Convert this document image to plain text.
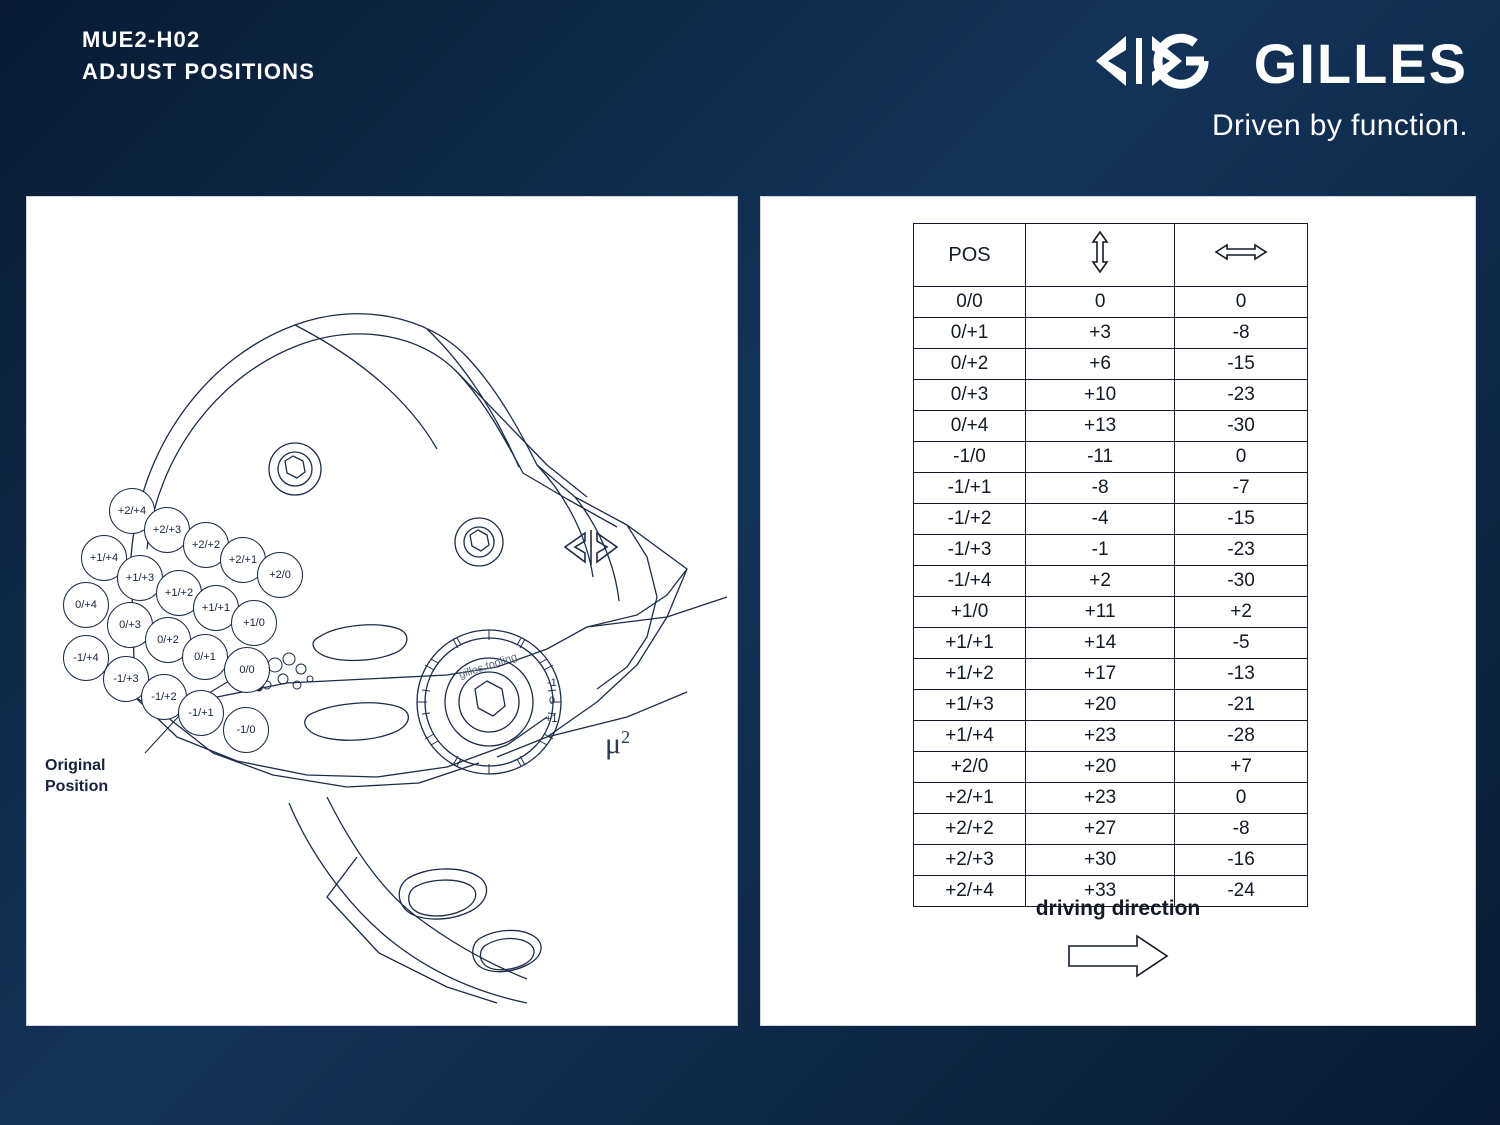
MUE2-H02
ADJUST POSITIONS	GILLES
Driven by function.
gilles.tooling
$\mu^2$
-1
0
+1
Original
Position
+2/+4
+2/+3
+2/+2
+2/+1
+2/0
+1/+4
+1/+3
+1/+2
+1/+1
+1/0
0/+4
0/+3
0/+2
0/+1
0/0
-1/+4
-1/+3
-1/+2
-1/+1
-1/0
POS		
0/0	0	0
0/+1	+3	-8
0/+2	+6	-15
0/+3	+10	-23
0/+4	+13	-30
-1/0	-11	0
-1/+1	-8	-7
-1/+2	-4	-15
-1/+3	-1	-23
-1/+4	+2	-30
+1/0	+11	+2
+1/+1	+14	-5
+1/+2	+17	-13
+1/+3	+20	-21
+1/+4	+23	-28
+2/0	+20	+7
+2/+1	+23	0
+2/+2	+27	-8
+2/+3	+30	-16
+2/+4	+33	-24
driving direction
